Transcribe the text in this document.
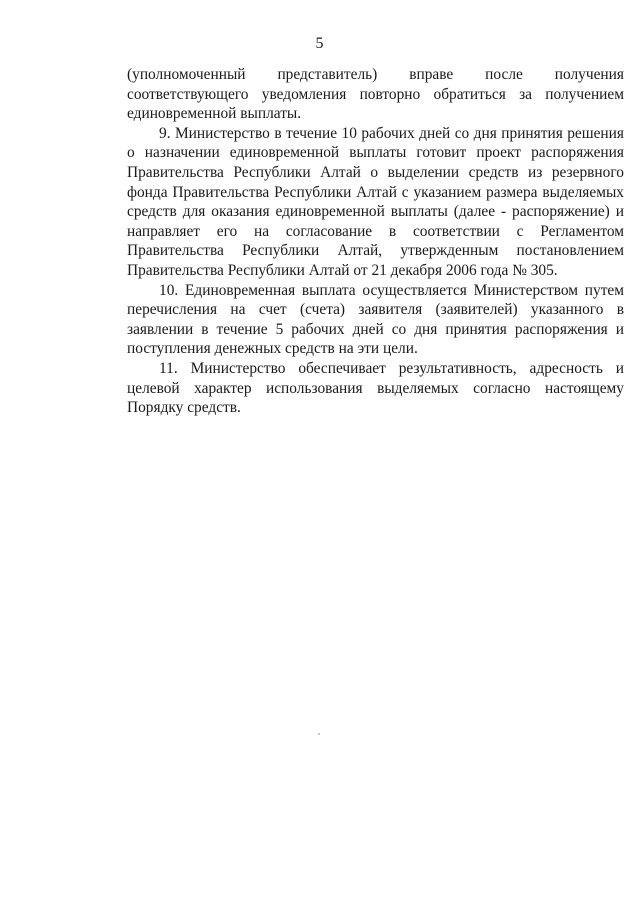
5

(уполномоченный представитель) вправе после получения соответствующего уведомления повторно обратиться за получением единовременной выплаты.

9. Министерство в течение 10 рабочих дней со дня принятия решения о назначении единовременной выплаты готовит проект распоряжения Правительства Республики Алтай о выделении средств из резервного фонда Правительства Республики Алтай с указанием размера выделяемых средств для оказания единовременной выплаты (далее - распоряжение) и направляет его на согласование в соответствии с Регламентом Правительства Республики Алтай, утвержденным постановлением Правительства Республики Алтай от 21 декабря 2006 года № 305.

10. Единовременная выплата осуществляется Министерством путем перечисления на счет (счета) заявителя (заявителей) указанного в заявлении в течение 5 рабочих дней со дня принятия распоряжения и поступления денежных средств на эти цели.

11. Министерство обеспечивает результативность, адресность и целевой характер использования выделяемых согласно настоящему Порядку средств.
